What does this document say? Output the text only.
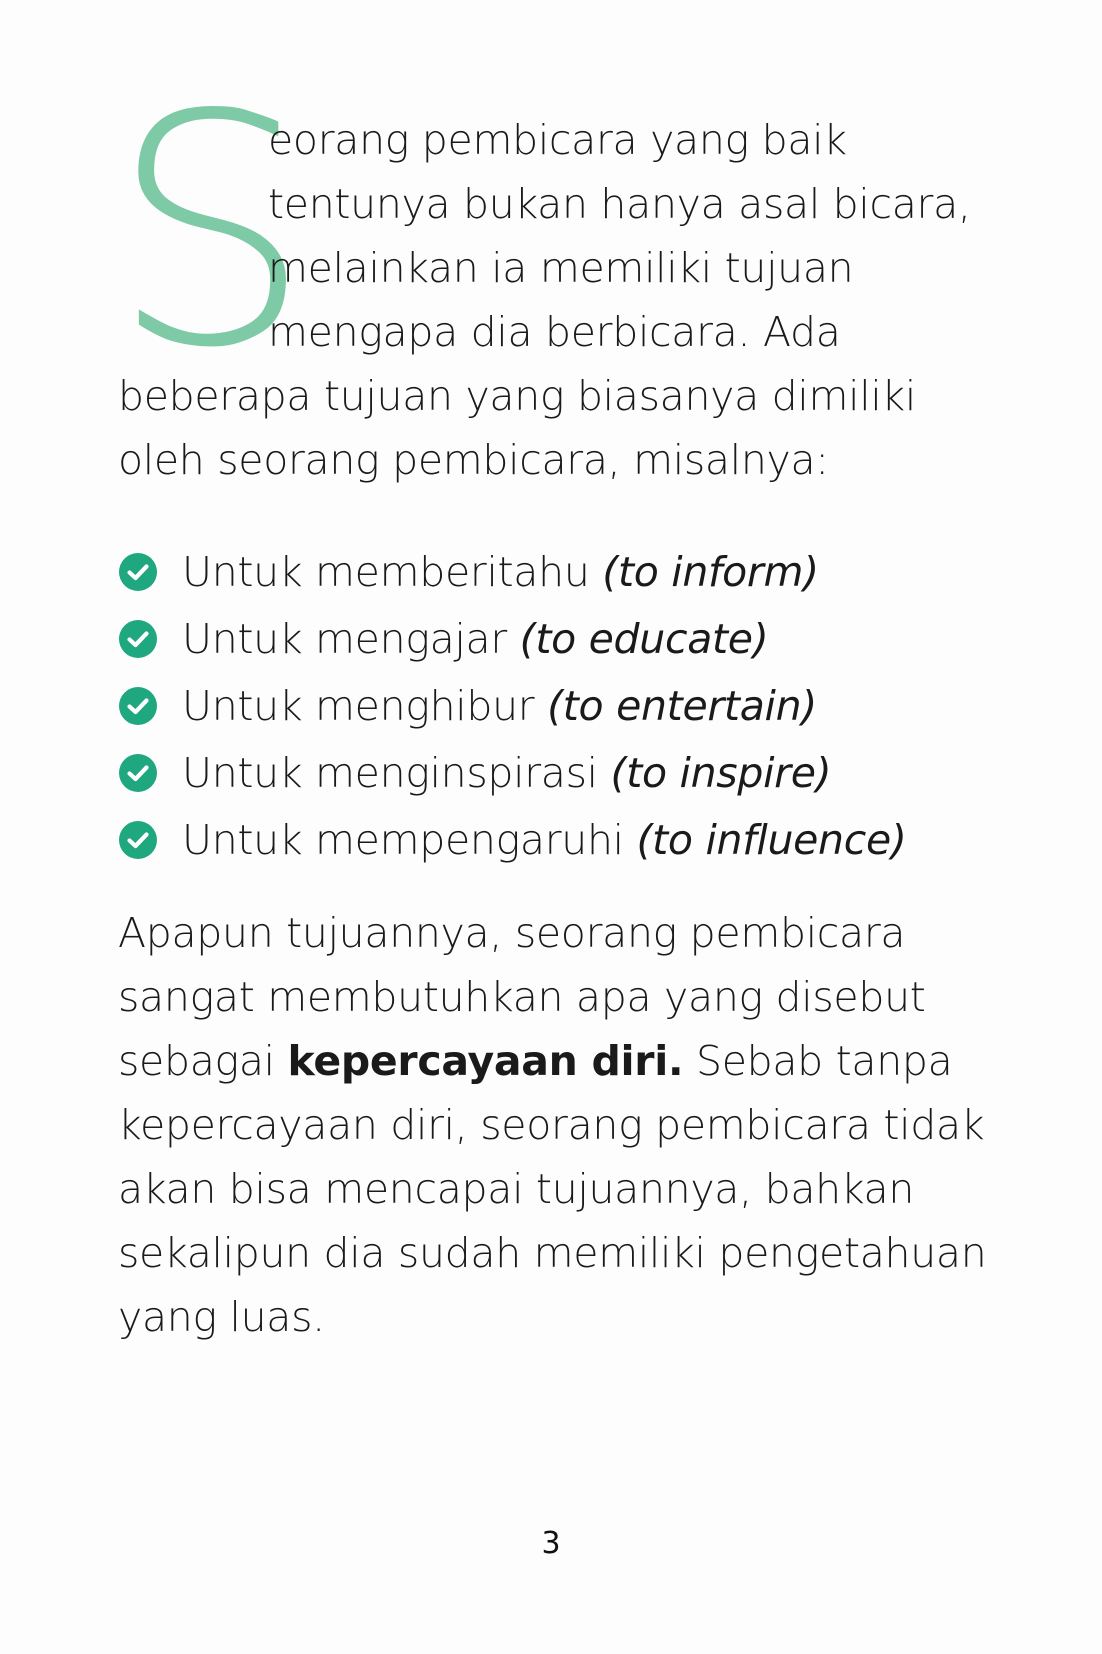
S
eorang pembicara yang baik tentunya bukan hanya asal bicara, melainkan ia memiliki tujuan mengapa dia berbicara. Ada beberapa tujuan yang biasanya dimiliki oleh seorang pembicara, misalnya:

Untuk memberitahu (to inform)
Untuk mengajar (to educate)
Untuk menghibur (to entertain)
Untuk menginspirasi (to inspire)
Untuk mempengaruhi (to influence)

Apapun tujuannya, seorang pembicara sangat membutuhkan apa yang disebut sebagai kepercayaan diri. Sebab tanpa kepercayaan diri, seorang pembicara tidak akan bisa mencapai tujuannya, bahkan sekalipun dia sudah memiliki pengetahuan yang luas.

3
